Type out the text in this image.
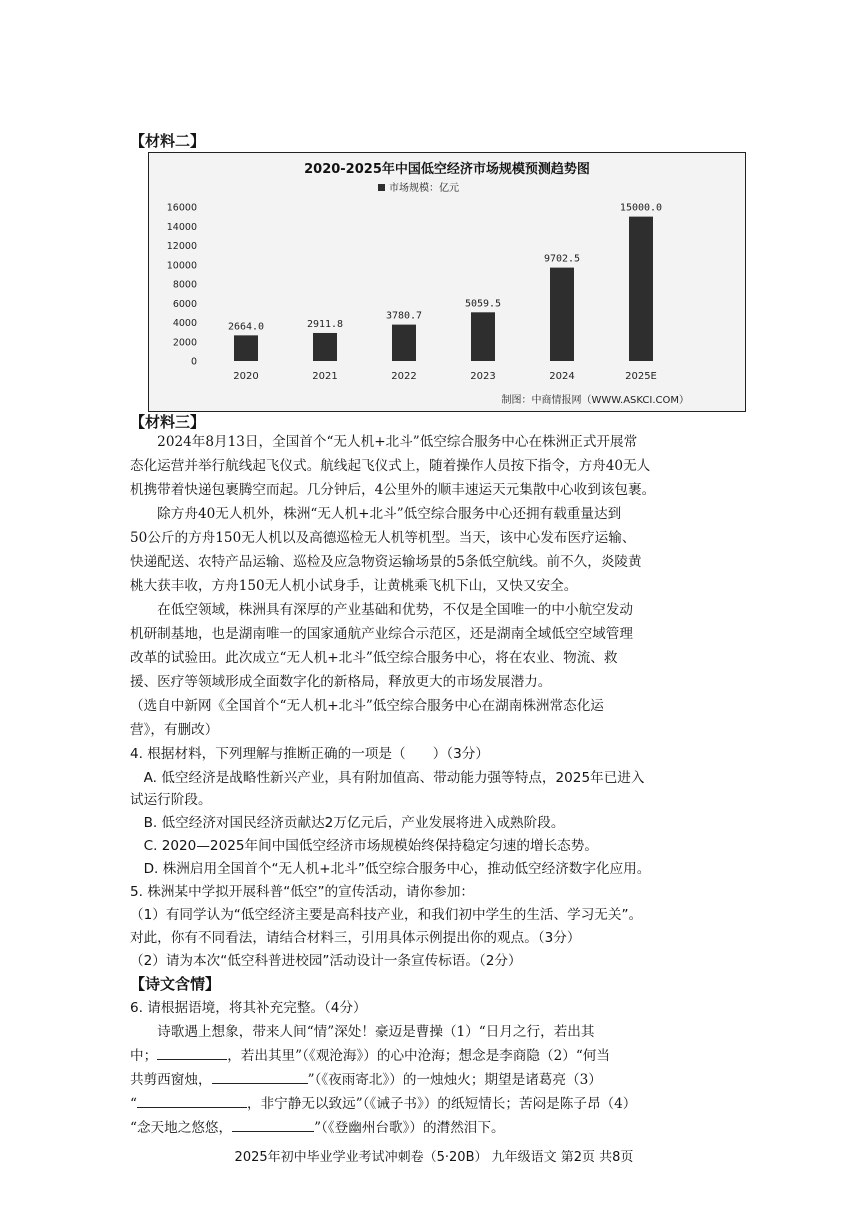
【材料二】
2020-2025年中国低空经济市场规模预测趋势图
市场规模：亿元
16000
14000
12000
10000
8000
6000
4000
2000
0
2664.0	2911.8
3780.7
5059.5
9702.5
15000.0
2020	2021	2022	2023	2024	2025E
制图：中商情报网（WWW.ASKCI.COM）
【材料三】
　　2024年8月13日，全国首个“无人机+北斗”低空综合服务中心在株洲正式开展常
态化运营并举行航线起飞仪式。航线起飞仪式上，随着操作人员按下指令，方舟40无人
机携带着快递包裹腾空而起。几分钟后，4公里外的顺丰速运天元集散中心收到该包裹。
　　除方舟40无人机外，株洲“无人机+北斗”低空综合服务中心还拥有载重量达到
50公斤的方舟150无人机以及高德巡检无人机等机型。当天，该中心发布医疗运输、
快递配送、农特产品运输、巡检及应急物资运输场景的5条低空航线。前不久，炎陵黄
桃大获丰收，方舟150无人机小试身手，让黄桃乘飞机下山，又快又安全。
　　在低空领域，株洲具有深厚的产业基础和优势，不仅是全国唯一的中小航空发动
机研制基地，也是湖南唯一的国家通航产业综合示范区，还是湖南全域低空空域管理
改革的试验田。此次成立“无人机+北斗”低空综合服务中心，将在农业、物流、救
援、医疗等领域形成全面数字化的新格局，释放更大的市场发展潜力。
（选自中新网《全国首个“无人机+北斗”低空综合服务中心在湖南株洲常态化运
营》，有删改）
4. 根据材料，下列理解与推断正确的一项是（　　）（3分）
　A. 低空经济是战略性新兴产业，具有附加值高、带动能力强等特点，2025年已进入
试运行阶段。
　B. 低空经济对国民经济贡献达2万亿元后，产业发展将进入成熟阶段。
　C. 2020—2025年间中国低空经济市场规模始终保持稳定匀速的增长态势。
　D. 株洲启用全国首个“无人机+北斗”低空综合服务中心，推动低空经济数字化应用。
5. 株洲某中学拟开展科普“低空”的宣传活动，请你参加：
（1）有同学认为“低空经济主要是高科技产业，和我们初中学生的生活、学习无关”。
对此，你有不同看法，请结合材料三，引用具体示例提出你的观点。（3分）
（2）请为本次“低空科普进校园”活动设计一条宣传标语。（2分）
【诗文含情】
6. 请根据语境，将其补充完整。（4分）
　　诗歌遇上想象，带来人间“情”深处！豪迈是曹操（1）“日月之行，若出其
中；	，若出其里”（《观沧海》）的心中沧海；想念是李商隐（2）“何当
共剪西窗烛，	”（《夜雨寄北》）的一烛烛火；期望是诸葛亮（3）
“	，非宁静无以致远”（《诫子书》）的纸短情长；苦闷是陈子昂（4）
“念天地之悠悠，	”（《登幽州台歌》）的潸然泪下。
2025年初中毕业学业考试冲刺卷（5·20B） 九年级语文 第2页 共8页
